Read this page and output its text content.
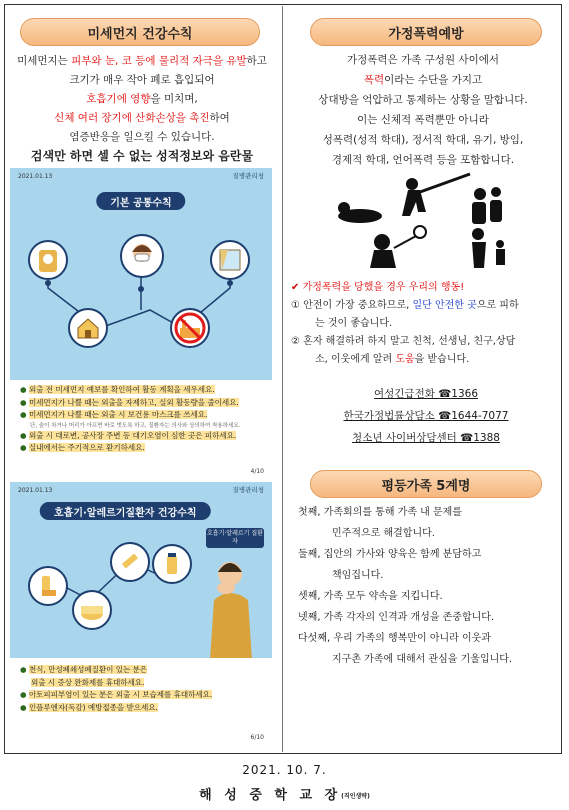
미세먼지 건강수칙
미세먼지는 피부와 눈, 코 등에 물리적 자극을 유발하고
크기가 매우 작아 폐로 흡입되어
호흡기에 영향을 미치며,
신체 여러 장기에 산화손상을 촉진하여
염증반응을 일으킬 수 있습니다.
검색만 하면 셀 수 없는 성적정보와 음란물
2021.01.13	질병관리청
기본 공통수칙
● 외출 전 미세먼지 예보를 확인하여 활동 계획을 세우세요.
● 미세먼지가 나쁠 때는 외출을 자제하고, 실외 활동량을 줄이세요.
● 미세먼지가 나쁠 때는 외출 시 보건용 마스크를 쓰세요.
단, 숨이 차거나 머리가 아프면 바로 벗도록 하고, 질환자는 의사와 상의하여 착용하세요.
● 외출 시 대로변, 공사장 주변 등 대기오염이 심한 곳은 피하세요.
● 실내에서는 주기적으로 환기하세요.
4/10
2021.01.13	질병관리청
호흡기·알레르기질환자 건강수칙
호흡기·알레르기 질환자
● 천식, 만성폐쇄성폐질환이 있는 분은
외출 시 증상 완화제를 휴대하세요.
● 아토피피부염이 있는 분은 외출 시 보습제를 휴대하세요.
● 인플루엔자(독감) 예방접종을 받으세요.
6/10
가정폭력예방
가정폭력은 가족 구성원 사이에서
폭력이라는 수단을 가지고
상대방을 억압하고 통제하는 상황을 말합니다.
이는 신체적 폭력뿐만 아니라
성폭력(성적 학대), 정서적 학대, 유기, 방임,
경제적 학대, 언어폭력 등을 포함합니다.
✔ 가정폭력을 당했을 경우 우리의 행동!
① 안전이 가장 중요하므로, 일단 안전한 곳으로 피하
는 것이 좋습니다.
② 혼자 해결하려 하지 말고 친척, 선생님, 친구,상담
소, 이웃에게 알려 도움을 받습니다.
여성긴급전화 ☎1366
한국가정법률상담소 ☎1644-7077
청소년 사이버상담센터 ☎1388
평등가족 5계명
첫째, 가족회의를 통해 가족 내 문제를
민주적으로 해결합니다.
둘째, 집안의 가사와 양육은 함께 분담하고
책임집니다.
셋째, 가족 모두 약속을 지킵니다.
넷째, 가족 각자의 인격과 개성을 존중합니다.
다섯째, 우리 가족의 행복만이 아니라 이웃과
지구촌 가족에 대해서 관심을 기울입니다.
2021. 10. 7.
해 성 중 학 교 장(직인생략)
